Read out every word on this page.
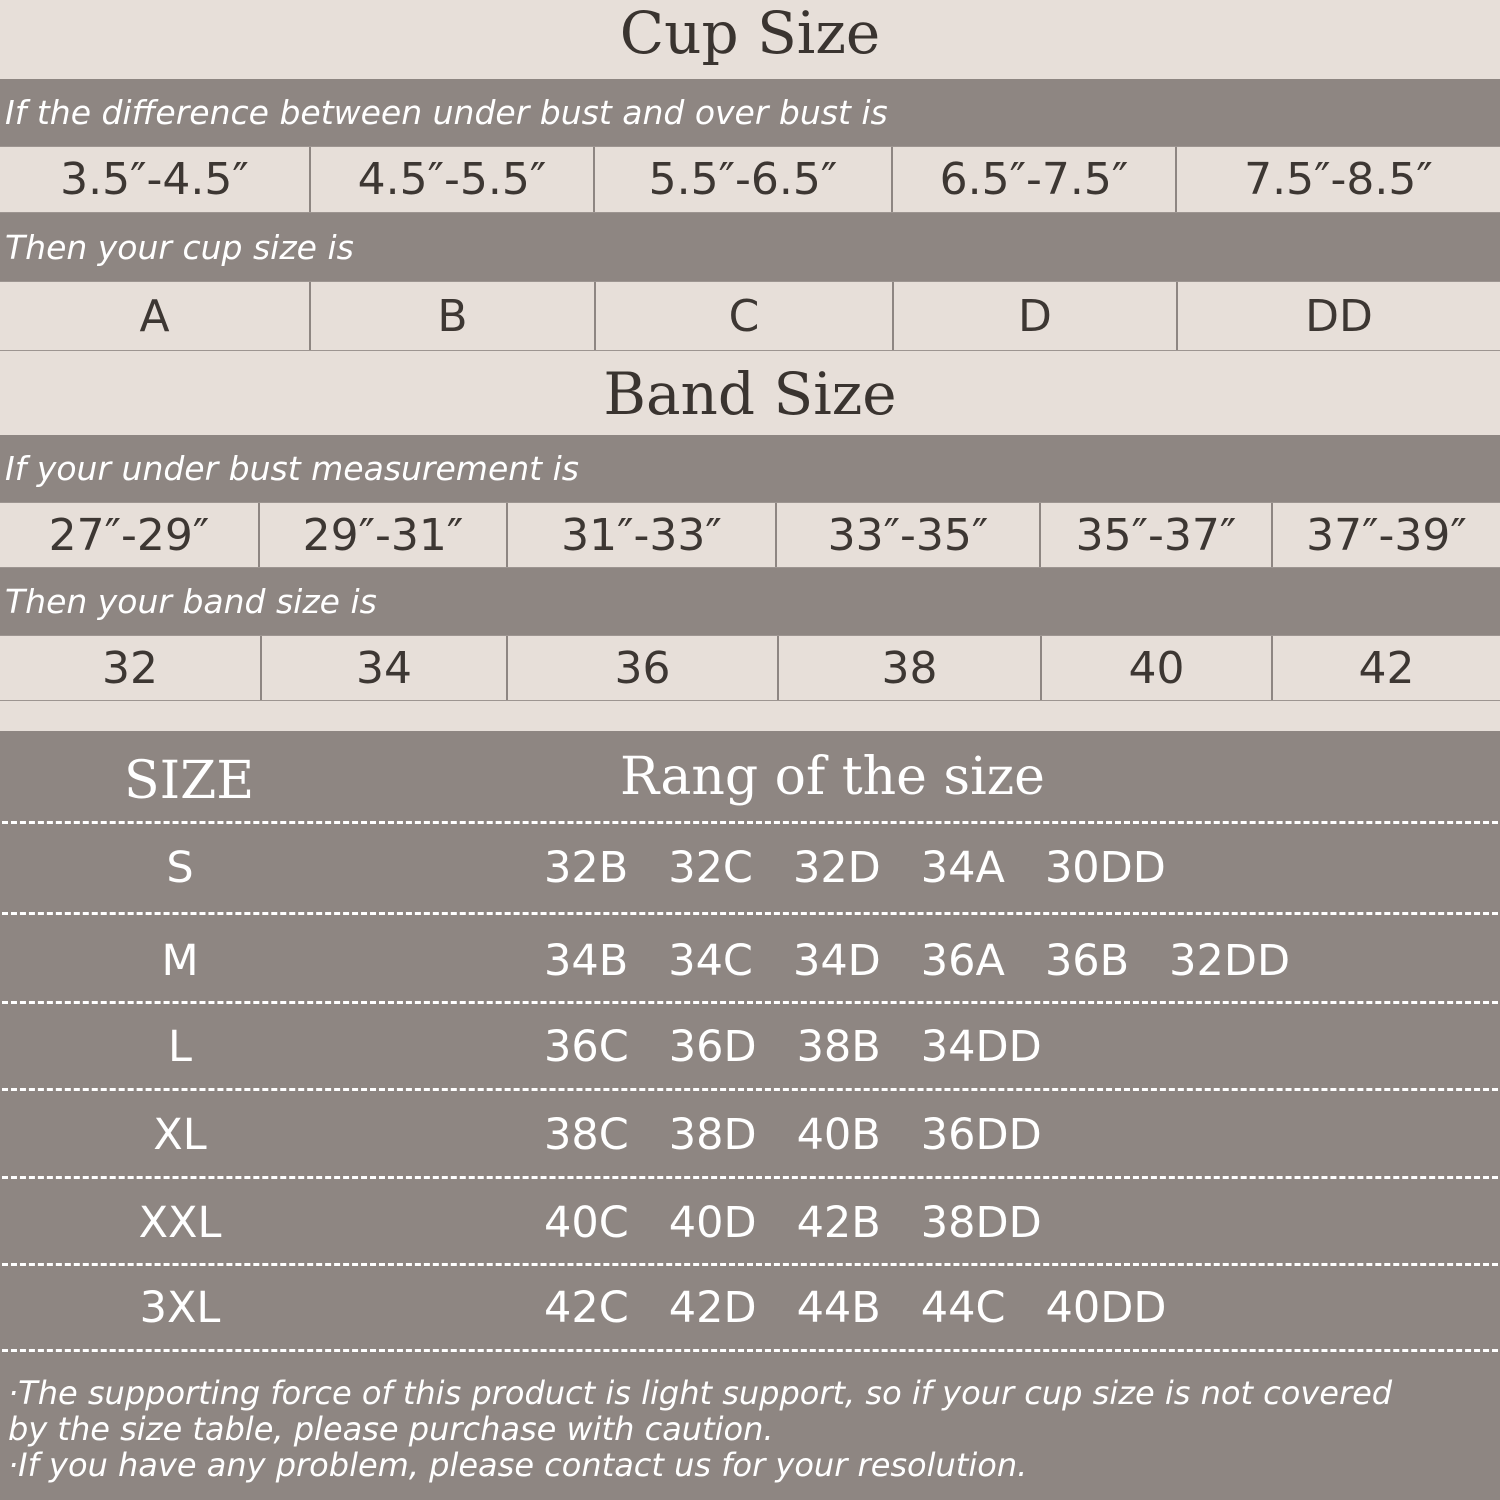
Cup Size
If the difference between under bust and over bust is
3.5″-4.5″	4.5″-5.5″	5.5″-6.5″	6.5″-7.5″	7.5″-8.5″
Then your cup size is
A	B	C	D	DD
Band Size
If your under bust measurement is
27″-29″	29″-31″	31″-33″	33″-35″	35″-37″	37″-39″
Then your band size is
32	34	36	38	40	42
SIZE	Rang of the size
S	32B 32C 32D 34A 30DD
M	34B 34C 34D 36A 36B 32DD
L	36C 36D 38B 34DD
XL	38C 38D 40B 36DD
XXL	40C 40D 42B 38DD
3XL	42C 42D 44B 44C 40DD
·The supporting force of this product is light support, so if your cup size is not covered
by the size table, please purchase with caution.
·If you have any problem, please contact us for your resolution.
